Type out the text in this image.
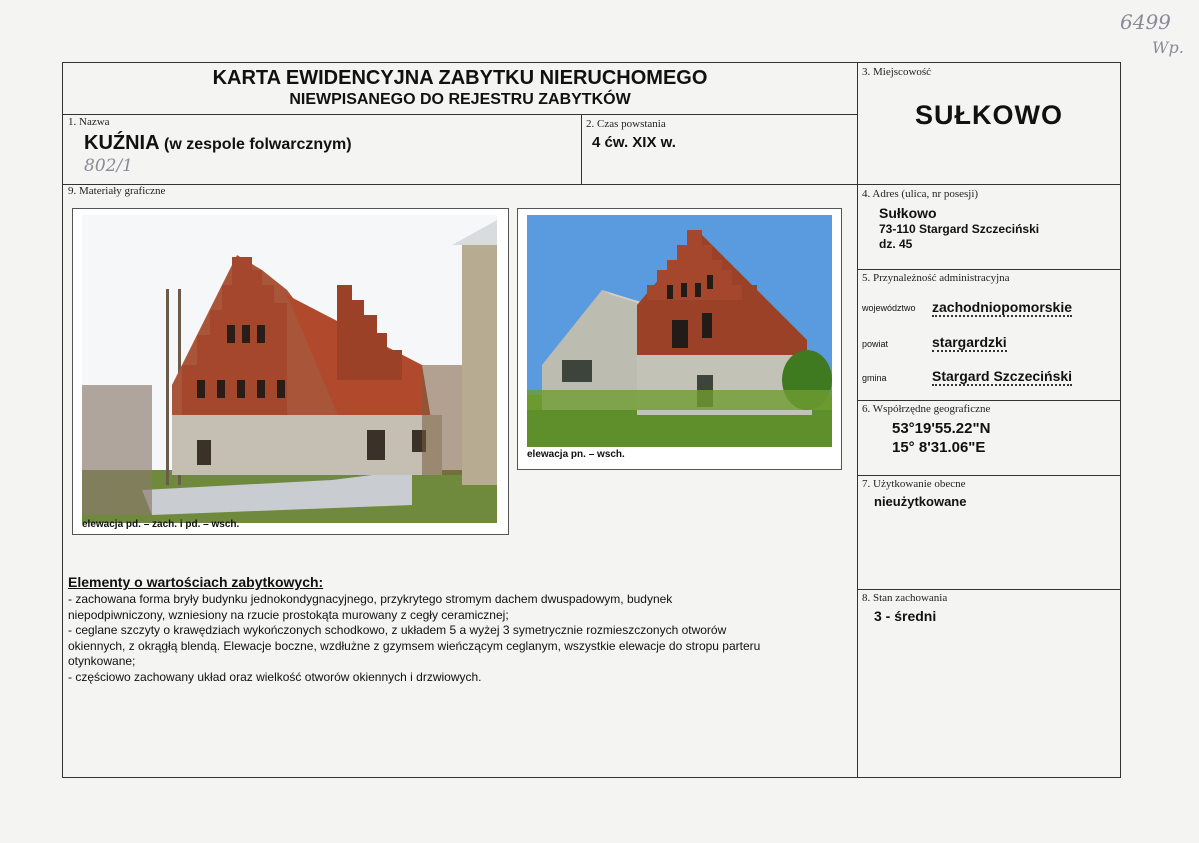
6499
Wp.
KARTA EWIDENCYJNA ZABYTKU NIERUCHOMEGO
NIEWPISANEGO DO REJESTRU ZABYTKÓW
1. Nazwa
KUŹNIA (w zespole folwarcznym)
802/1
2. Czas powstania
4 ćw. XIX w.
3. Miejscowość
SUŁKOWO
4. Adres (ulica, nr posesji)
Sułkowo
73-110 Stargard Szczeciński
dz. 45
5. Przynależność administracyjna
województwo zachodniopomorskie
powiat	stargardzki
gmina	Stargard Szczeciński
6. Współrzędne geograficzne
53°19'55.22"N
15° 8'31.06"E
7. Użytkowanie obecne
nieużytkowane
8. Stan zachowania
3 - średni
9. Materiały graficzne
elewacja pd. – zach. i pd. – wsch.
elewacja pn. – wsch.
Elementy o wartościach zabytkowych:
- zachowana forma bryły budynku jednokondygnacyjnego, przykrytego stromym dachem dwuspadowym, budynek
niepodpiwniczony, wzniesiony na rzucie prostokąta murowany z cegły ceramicznej;
- ceglane szczyty o krawędziach wykończonych schodkowo, z układem 5 a wyżej 3 symetrycznie rozmieszczonych otworów
okiennych, z okrągłą blendą. Elewacje boczne, wzdłużne z gzymsem wieńczącym ceglanym, wszystkie elewacje do stropu parteru
otynkowane;
- częściowo zachowany układ oraz wielkość otworów okiennych i drzwiowych.
